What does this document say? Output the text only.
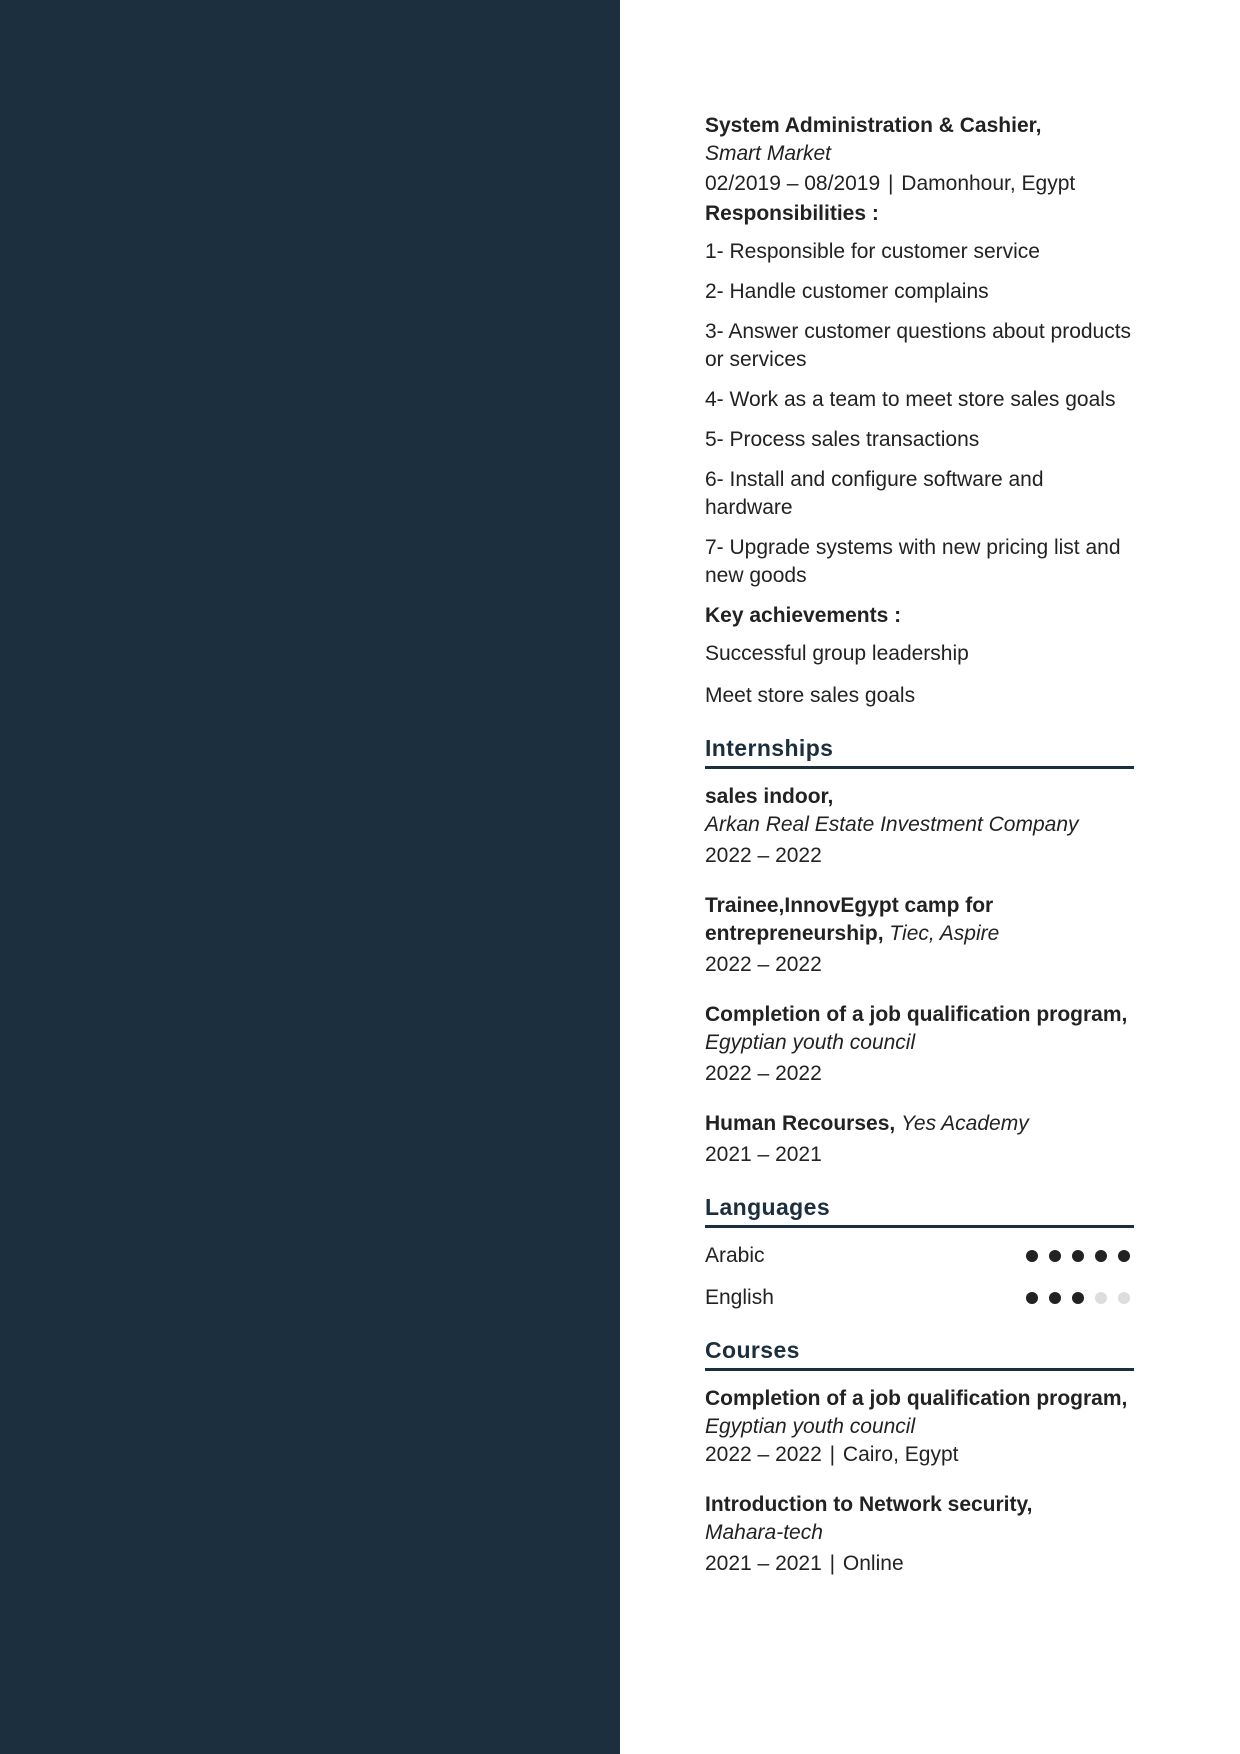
System Administration & Cashier,
Smart Market
02/2019 – 08/2019 | Damonhour, Egypt
Responsibilities :
1- Responsible for customer service
2- Handle customer complains
3- Answer customer questions about products or services
4- Work as a team to meet store sales goals
5- Process sales transactions
6- Install and configure software and hardware
7- Upgrade systems with new pricing list and new goods
Key achievements :
Successful group leadership
Meet store sales goals
Internships
sales indoor,
Arkan Real Estate Investment Company
2022 – 2022
Trainee,InnovEgypt camp for entrepreneurship, Tiec, Aspire
2022 – 2022
Completion of a job qualification program,
Egyptian youth council
2022 – 2022
Human Recourses, Yes Academy
2021 – 2021
Languages
Arabic
English
Courses
Completion of a job qualification program,
Egyptian youth council
2022 – 2022 | Cairo, Egypt
Introduction to Network security,
Mahara-tech
2021 – 2021 | Online
